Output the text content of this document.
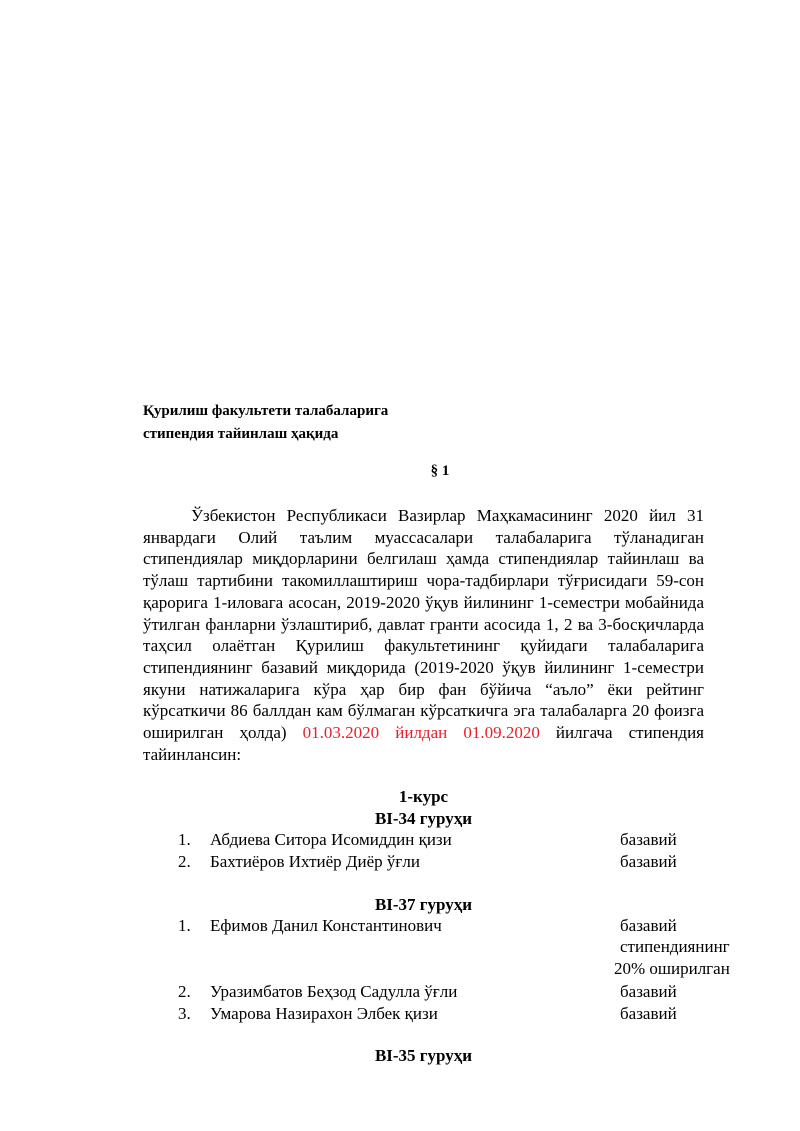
Қурилиш факультети талабаларига
стипендия тайинлаш ҳақида
§ 1
Ўзбекистон Республикаси Вазирлар Маҳкамасининг 2020 йил 31 январдаги Олий таълим муассасалари талабаларига тўланадиган стипендиялар миқдорларини белгилаш ҳамда стипендиялар тайинлаш ва тўлаш тартибини такомиллаштириш чора-тадбирлари тўғрисидаги 59-сон қарорига 1-иловага асосан, 2019-2020 ўқув йилининг 1-семестри мобайнида ўтилган фанларни ўзлаштириб, давлат гранти асосида 1, 2 ва 3-босқичларда таҳсил олаётган Қурилиш факультетининг қуйидаги талабаларига стипендиянинг базавий миқдорида (2019-2020 ўқув йилининг 1-семестри якуни натижаларига кўра ҳар бир фан бўйича “аъло” ёки рейтинг кўрсаткичи 86 баллдан кам бўлмаган кўрсаткичга эга талабаларга 20 фоизга оширилган ҳолда) 01.03.2020 йилдан 01.09.2020 йилгача стипендия тайинлансин:
1-курс
BI-34 гуруҳи
1. Абдиева Ситора Исомиддин қизи	базавий
2. Бахтиёров Ихтиёр Диёр ўғли	базавий
BI-37 гуруҳи
1. Ефимов Данил Константинович	базавий
стипендиянинг
20% оширилган
2. Уразимбатов Беҳзод Садулла ўғли	базавий
3. Умарова Назирахон Элбек қизи	базавий
BI-35 гуруҳи
